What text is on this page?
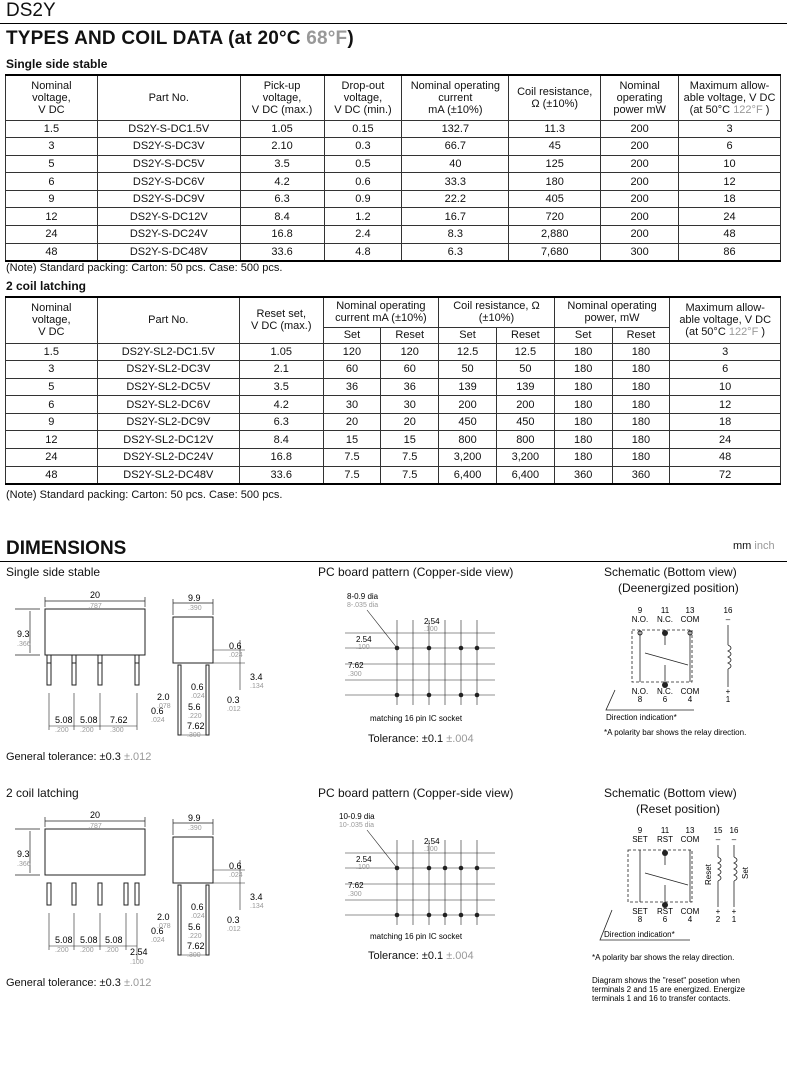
DS2Y
TYPES AND COIL DATA (at 20°C 68°F)
Single side stable
Nominal
voltage,
V DC	Part No.	Pick-up
voltage,
V DC (max.)	Drop-out
voltage,
V DC (min.)	Nominal operating
current
mA (±10%)	Coil resistance,
Ω (±10%)	Nominal
operating
power mW	Maximum allow-
able voltage, V DC
(at 50°C 122°F )
1.5	DS2Y-S-DC1.5V	1.05	0.15	132.7	11.3	200	3
3	DS2Y-S-DC3V	2.10	0.3	66.7	45	200	6
5	DS2Y-S-DC5V	3.5	0.5	40	125	200	10
6	DS2Y-S-DC6V	4.2	0.6	33.3	180	200	12
9	DS2Y-S-DC9V	6.3	0.9	22.2	405	200	18
12	DS2Y-S-DC12V	8.4	1.2	16.7	720	200	24
24	DS2Y-S-DC24V	16.8	2.4	8.3	2,880	200	48
48	DS2Y-S-DC48V	33.6	4.8	6.3	7,680	300	86
(Note) Standard packing: Carton: 50 pcs. Case: 500 pcs.
2 coil latching
Nominal
voltage,
V DC	Part No.	Reset set,
V DC (max.)	Nominal operating
current mA (±10%)		Coil resistance, Ω
(±10%)		Nominal operating
power, mW		Maximum allow-
able voltage, V DC
(at 50°C 122°F )
			Set	Reset	Set	Reset	Set	Reset	
1.5	DS2Y-SL2-DC1.5V	1.05	120	120	12.5	12.5	180	180	3
3	DS2Y-SL2-DC3V	2.1	60	60	50	50	180	180	6
5	DS2Y-SL2-DC5V	3.5	36	36	139	139	180	180	10
6	DS2Y-SL2-DC6V	4.2	30	30	200	200	180	180	12
9	DS2Y-SL2-DC9V	6.3	20	20	450	450	180	180	18
12	DS2Y-SL2-DC12V	8.4	15	15	800	800	180	180	24
24	DS2Y-SL2-DC24V	16.8	7.5	7.5	3,200	3,200	180	180	48
48	DS2Y-SL2-DC48V	33.6	7.5	7.5	6,400	6,400	360	360	72
(Note) Standard packing: Carton: 50 pcs. Case: 500 pcs.
DIMENSIONS	mm inch
Single side stable	PC board pattern (Copper-side view)	Schematic (Bottom view)
(Deenergized position)
2 coil latching	PC board pattern (Copper-side view)	Schematic (Bottom view)
(Reset position)
20
.787
9.3
.366
5.08
.200
5.08
.200
7.62
.300
9.9
.390
0.6
.024
3.4
.134
0.6
.024 0.3
.012
2.0
.078
0.6
.024
5.6
.220
7.62
.300
8-0.9 dia
8-.035 dia
2.54
.100
2.54
.100
7.62
.300
matching 16 pin IC socket
9 11 13	16
N.O. N.C. COM	–
N.O. N.C. COM	+
8	6	4	1
Direction indication*
*A polarity bar shows the relay direction.
General tolerance: ±0.3 ±.012
Tolerance: ±0.1 ±.004
20
.787
9.3
.366
5.08
.200
5.08
.200
5.08
.200 2.54
.100
9.9
.390
0.6
.024
3.4
.134
0.6
.024 0.3
.012
2.0
.078
0.6
.024
5.6
.220
7.62
.300
10-0.9 dia
10-.035 dia
2.54
.100
2.54
.100
7.62
.300
matching 16 pin IC socket
9 11 13 15 16
SET RST COM – –
SET RST COM + +
8	6	4	2 1
Reset	Set
Direction indication*
*A polarity bar shows the relay direction.
Diagram shows the "reset" posetion when
terminals 2 and 15 are energized. Energize
terminals 1 and 16 to transfer contacts.
General tolerance: ±0.3 ±.012
Tolerance: ±0.1 ±.004
